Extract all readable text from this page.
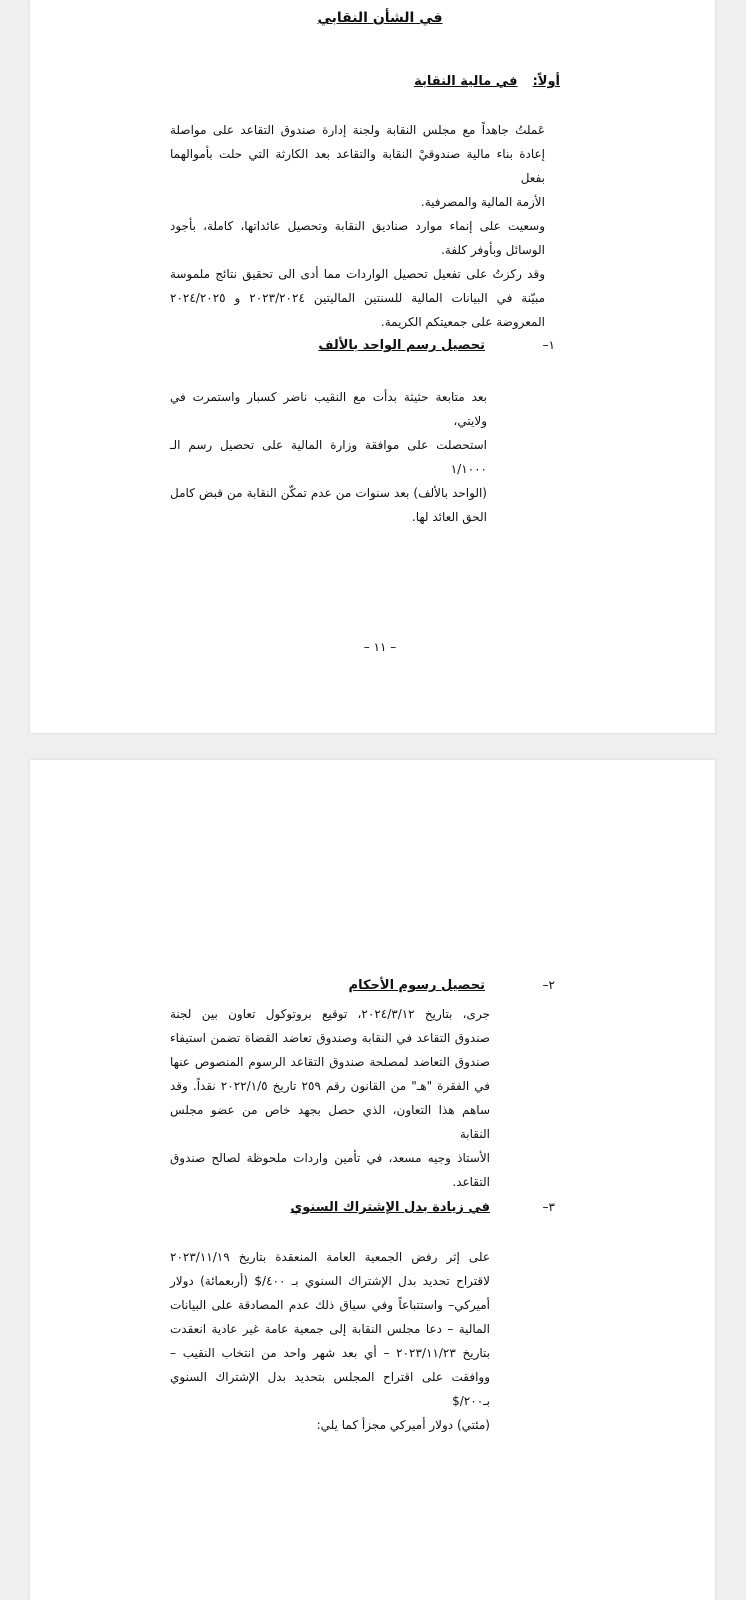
في الشأن النقابي
أولاً: في مالية النقابة

عَملتُ جاهداً مع مجلس النقابة ولجنة إدارة صندوق التقاعد على مواصلة

إعادة بناء مالية صندوقيْ النقابة والتقاعد بعد الكارثة التي حلت بأموالهما بفعل

الأزمة المالية والمصرفية.

وسعيت على إنماء موارد صناديق النقابة وتحصيل عائداتها، كاملة، بأجود

الوسائل وبأوفر كلفة.

وقد ركزتُ على تفعيل تحصيل الواردات مما أدى الى تحقيق نتائج ملموسة

مبيّنة في البيانات المالية للسنتين الماليتين ٢٠٢٣/٢٠٢٤ و ٢٠٢٤/٢٠٢٥

المعروضة على جمعيتكم الكريمة.

١–
تحصيل رسم الواحد بالألف

بعد متابعة حثيثة بدأت مع النقيب ناضر كسبار واستمرت في ولايتي،

استحصلت على موافقة وزارة المالية على تحصيل رسم الـ ١/١٠٠٠

(الواحد بالألف) بعد سنوات من عدم تمكّن النقابة من قبض كامل

الحق العائد لها.

– ١١ –
٢–
تحصيل رسوم الأحكام

جرى، بتاريخ ٢٠٢٤/٣/١٢، توقيع بروتوكول تعاون بين لجنة

صندوق التقاعد في النقابة وصندوق تعاضد القضاة تضمن استيفاء

صندوق التعاضد لمصلحة صندوق التقاعد الرسوم المنصوص عنها

في الفقرة "هـ" من القانون رقم ٢٥٩ تاريخ ٢٠٢٢/١/٥ نقداً. وقد

ساهم هذا التعاون، الذي حصل بجهد خاص من عضو مجلس النقابة

الأستاذ وجيه مسعد، في تأمين واردات ملحوظة لصالح صندوق

التقاعد.

٣–
في زيادة بدل الإشتراك السنوي

على إثر رفض الجمعية العامة المنعقدة بتاريخ ٢٠٢٣/١١/١٩

لاقتراح تحديد بدل الإشتراك السنوي بـ ٤٠٠/$ (أربعمائة) دولار

أميركي– واستتباعاً وفي سياق ذلك عدم المصادقة على البيانات

المالية – دعا مجلس النقابة إلى جمعية عامة غير عادية انعقدت

بتاريخ ٢٠٢٣/١١/٢٣ – أي بعد شهر واحد من انتخاب النقيب –

ووافقت على اقتراح المجلس بتحديد بدل الإشتراك السنوي بـ٢٠٠/$

(مئتي) دولار أميركي مجزأ كما يلي:
